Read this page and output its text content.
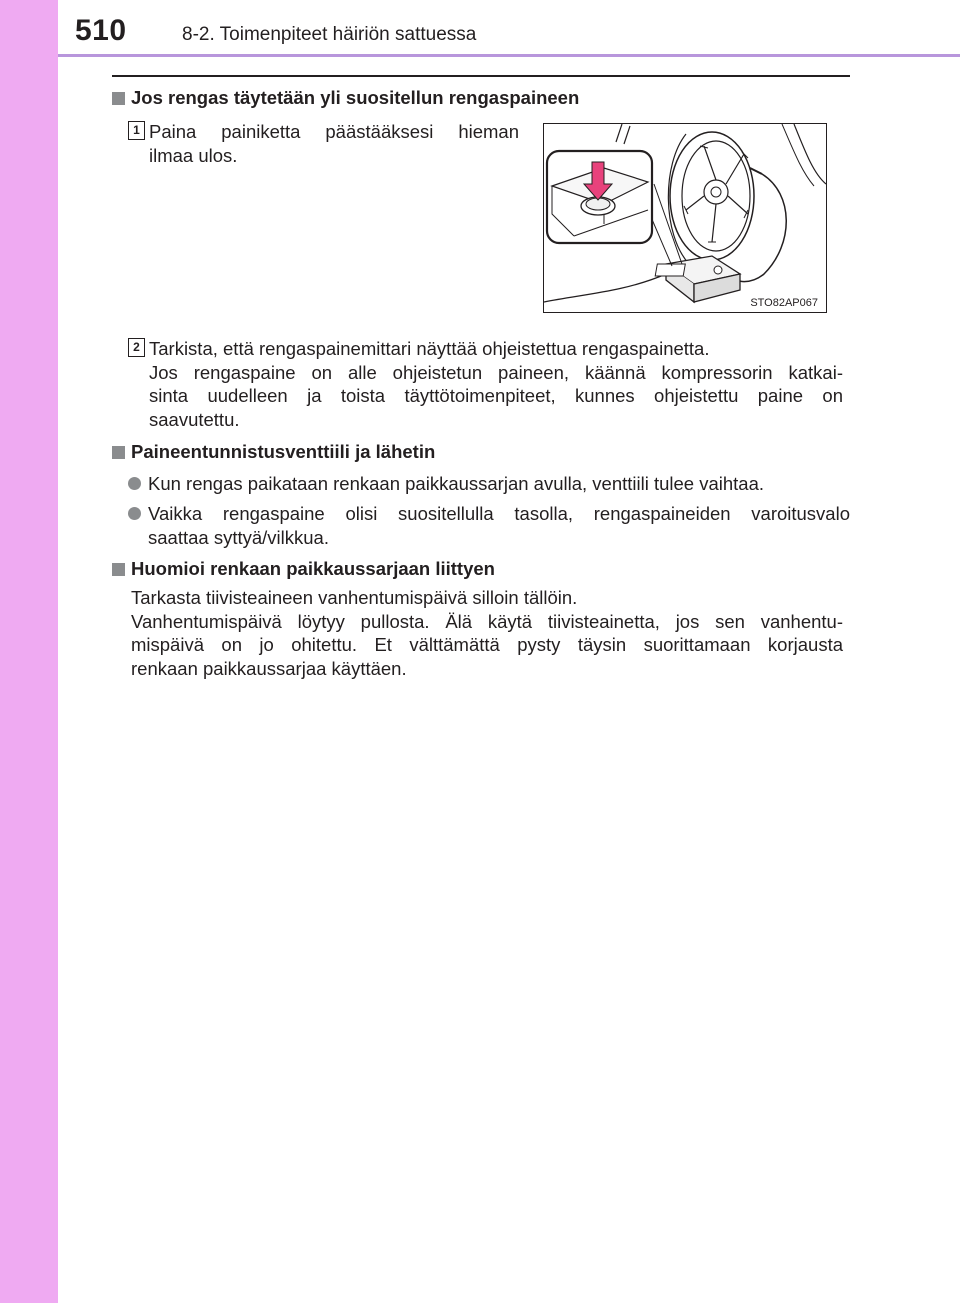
510	8-2. Toimenpiteet häiriön sattuessa
Jos rengas täytetään yli suositellun rengaspaineen
1 Paina painiketta päästääksesi hieman
ilmaa ulos.
STO82AP067
2 Tarkista, että rengaspainemittari näyttää ohjeistettua rengaspainetta.
Jos rengaspaine on alle ohjeistetun paineen, käännä kompressorin katkai-
sinta uudelleen ja toista täyttötoimenpiteet, kunnes ohjeistettu paine on
saavutettu.
Paineentunnistusventtiili ja lähetin
Kun rengas paikataan renkaan paikkaussarjan avulla, venttiili tulee vaihtaa.
Vaikka rengaspaine olisi suositellulla tasolla, rengaspaineiden varoitusvalo
saattaa syttyä/vilkkua.
Huomioi renkaan paikkaussarjaan liittyen
Tarkasta tiivisteaineen vanhentumispäivä silloin tällöin.
Vanhentumispäivä löytyy pullosta. Älä käytä tiivisteainetta, jos sen vanhentu-
mispäivä on jo ohitettu. Et välttämättä pysty täysin suorittamaan korjausta
renkaan paikkaussarjaa käyttäen.
